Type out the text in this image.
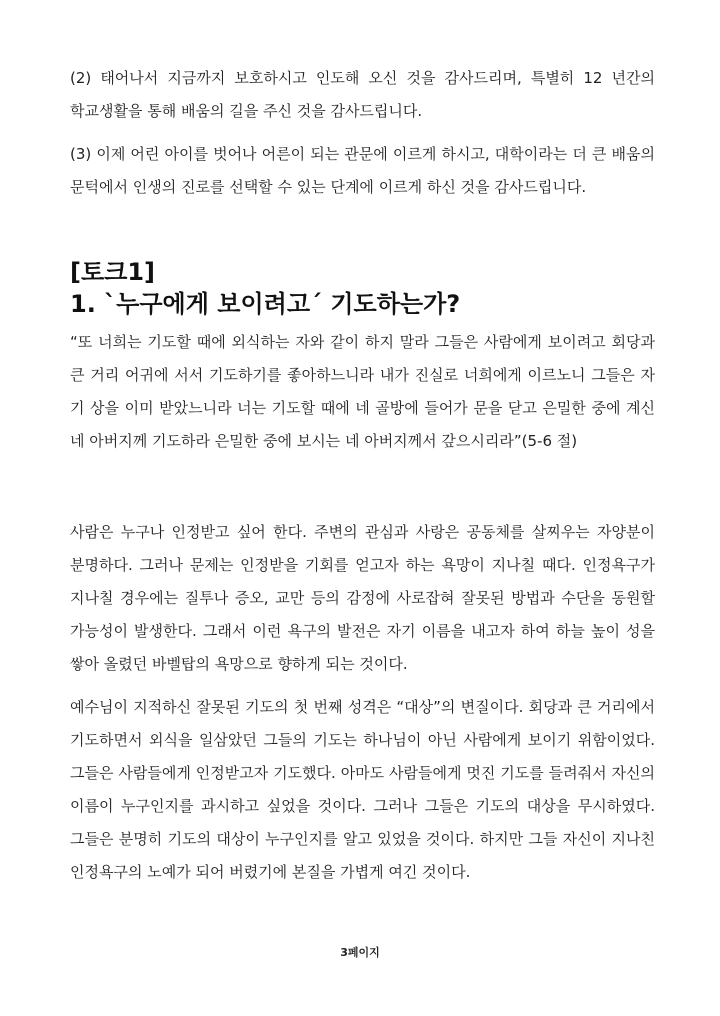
(2) 태어나서 지금까지 보호하시고 인도해 오신 것을 감사드리며, 특별히 12 년간의 학교생활을 통해 배움의 길을 주신 것을 감사드립니다.

(3) 이제 어린 아이를 벗어나 어른이 되는 관문에 이르게 하시고, 대학이라는 더 큰 배움의 문턱에서 인생의 진로를 선택할 수 있는 단계에 이르게 하신 것을 감사드립니다.

[토크1]

1. `누구에게 보이려고´ 기도하는가?

“또 너희는 기도할 때에 외식하는 자와 같이 하지 말라 그들은 사람에게 보이려고 회당과 큰 거리 어귀에 서서 기도하기를 좋아하느니라 내가 진실로 너희에게 이르노니 그들은 자기 상을 이미 받았느니라 너는 기도할 때에 네 골방에 들어가 문을 닫고 은밀한 중에 계신 네 아버지께 기도하라 은밀한 중에 보시는 네 아버지께서 갚으시리라”(5-6 절)

사람은 누구나 인정받고 싶어 한다. 주변의 관심과 사랑은 공동체를 살찌우는 자양분이 분명하다. 그러나 문제는 인정받을 기회를 얻고자 하는 욕망이 지나칠 때다. 인정욕구가 지나칠 경우에는 질투나 증오, 교만 등의 감정에 사로잡혀 잘못된 방법과 수단을 동원할 가능성이 발생한다. 그래서 이런 욕구의 발전은 자기 이름을 내고자 하여 하늘 높이 성을 쌓아 올렸던 바벨탑의 욕망으로 향하게 되는 것이다.

예수님이 지적하신 잘못된 기도의 첫 번째 성격은 “대상”의 변질이다. 회당과 큰 거리에서 기도하면서 외식을 일삼았던 그들의 기도는 하나님이 아닌 사람에게 보이기 위함이었다. 그들은 사람들에게 인정받고자 기도했다. 아마도 사람들에게 멋진 기도를 들려줘서 자신의 이름이 누구인지를 과시하고 싶었을 것이다. 그러나 그들은 기도의 대상을 무시하였다. 그들은 분명히 기도의 대상이 누구인지를 알고 있었을 것이다. 하지만 그들 자신이 지나친 인정욕구의 노예가 되어 버렸기에 본질을 가볍게 여긴 것이다.

3페이지
